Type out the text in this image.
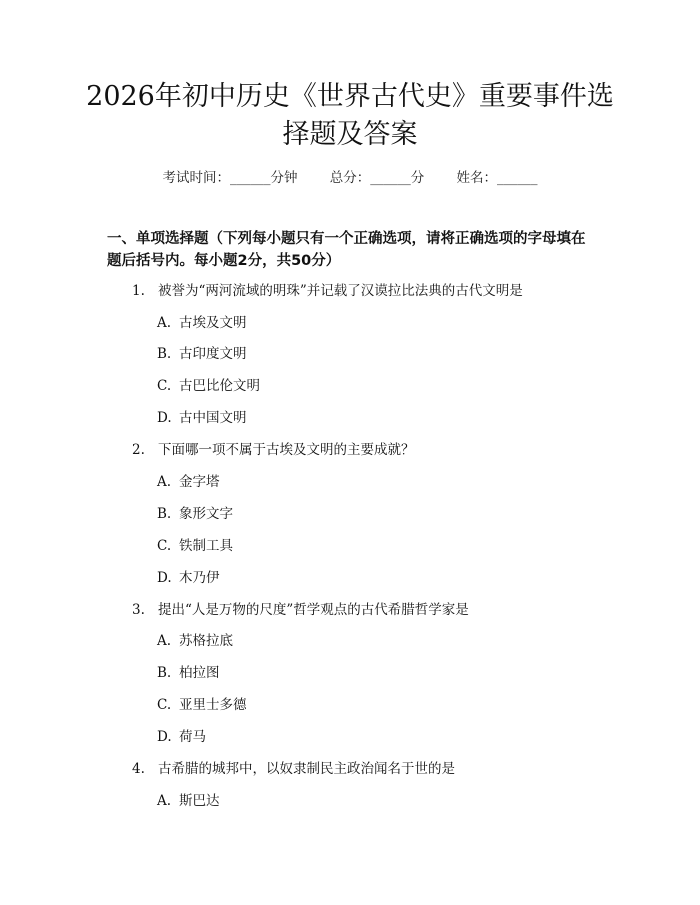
2026年初中历史《世界古代史》重要事件选
择题及答案
考试时间：______分钟 总分：______分 姓名：______
一、单项选择题（下列每小题只有一个正确选项，请将正确选项的字母填在题后括号内。每小题2分，共50分）
1. 被誉为“两河流域的明珠”并记载了汉谟拉比法典的古代文明是
A. 古埃及文明
B. 古印度文明
C. 古巴比伦文明
D. 古中国文明
2. 下面哪一项不属于古埃及文明的主要成就？
A. 金字塔
B. 象形文字
C. 铁制工具
D. 木乃伊
3. 提出“人是万物的尺度”哲学观点的古代希腊哲学家是
A. 苏格拉底
B. 柏拉图
C. 亚里士多德
D. 荷马
4. 古希腊的城邦中，以奴隶制民主政治闻名于世的是
A. 斯巴达
